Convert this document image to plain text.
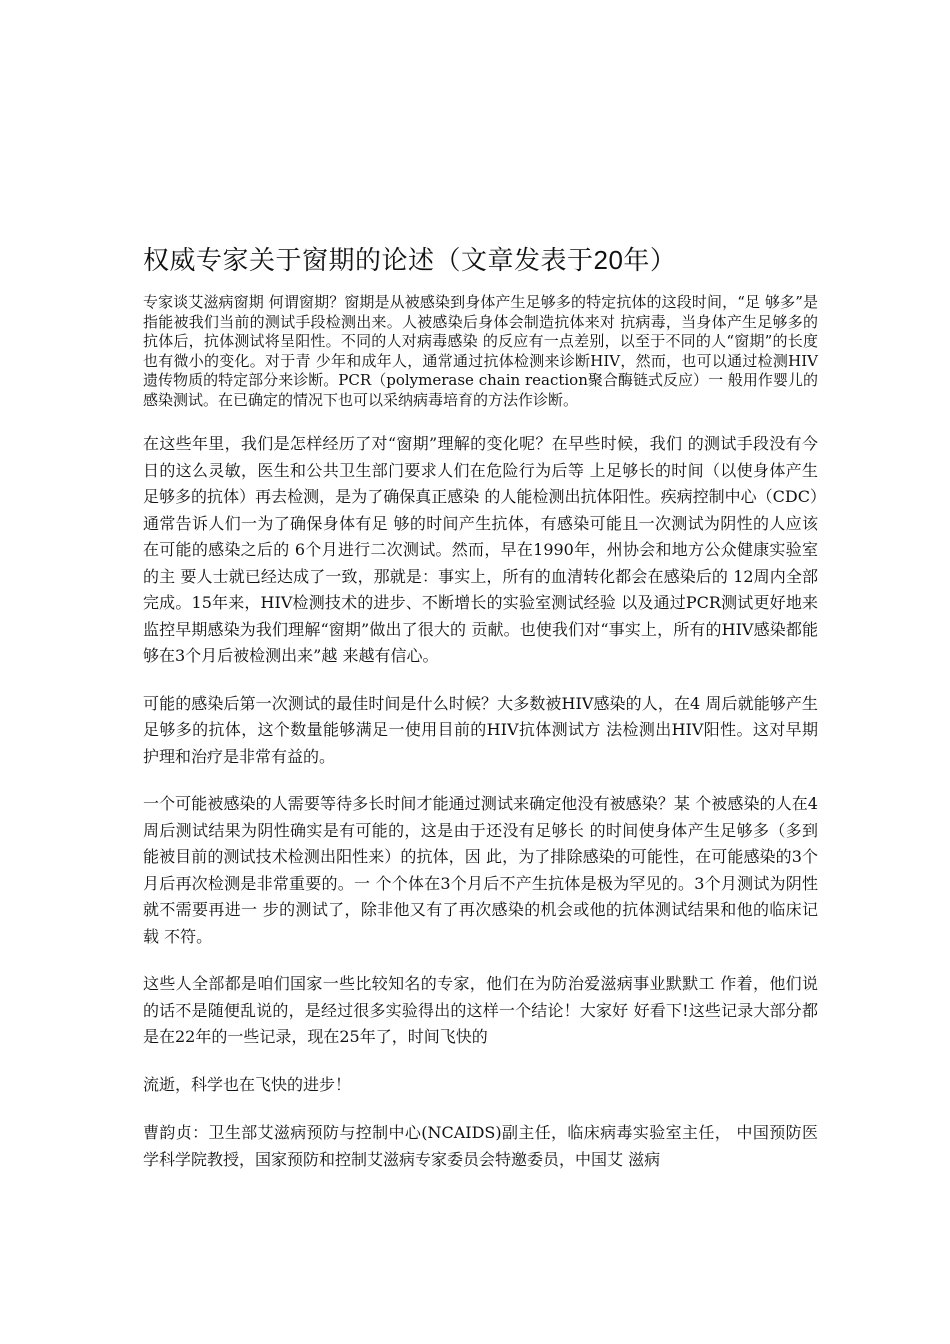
权威专家关于窗期的论述（文章发表于20年）

专家谈艾滋病窗期 何谓窗期？窗期是从被感染到身体产生足够多的特定抗体的这段时间，“足 够多”是指能被我们当前的测试手段检测出来。人被感染后身体会制造抗体来对 抗病毒，当身体产生足够多的抗体后，抗体测试将呈阳性。不同的人对病毒感染 的反应有一点差别，以至于不同的人“窗期”的长度也有微小的变化。对于青 少年和成年人，通常通过抗体检测来诊断HIV，然而，也可以通过检测HIV遗传物质的特定部分来诊断。PCR（polymerase chain reaction聚合酶链式反应）一 般用作婴儿的感染测试。在已确定的情况下也可以采纳病毒培育的方法作诊断。

在这些年里，我们是怎样经历了对“窗期”理解的变化呢？在早些时候，我们 的测试手段没有今日的这么灵敏，医生和公共卫生部门要求人们在危险行为后等 上足够长的时间（以使身体产生足够多的抗体）再去检测，是为了确保真正感染 的人能检测出抗体阳性。疾病控制中心（CDC）通常告诉人们一为了确保身体有足 够的时间产生抗体，有感染可能且一次测试为阴性的人应该在可能的感染之后的 6个月进行二次测试。然而，早在1990年，州协会和地方公众健康实验室的主 要人士就已经达成了一致，那就是：事实上，所有的血清转化都会在感染后的 12周内全部完成。15年来，HIV检测技术的进步、不断增长的实验室测试经验 以及通过PCR测试更好地来监控早期感染为我们理解“窗期”做出了很大的 贡献。也使我们对“事实上，所有的HIV感染都能够在3个月后被检测出来”越 来越有信心。

可能的感染后第一次测试的最佳时间是什么时候？大多数被HIV感染的人，在4 周后就能够产生足够多的抗体，这个数量能够满足一使用目前的HIV抗体测试方 法检测出HIV阳性。这对早期护理和治疗是非常有益的。

一个可能被感染的人需要等待多长时间才能通过测试来确定他没有被感染？某 个被感染的人在4周后测试结果为阴性确实是有可能的，这是由于还没有足够长 的时间使身体产生足够多（多到能被目前的测试技术检测出阳性来）的抗体，因 此，为了排除感染的可能性，在可能感染的3个月后再次检测是非常重要的。一 个个体在3个月后不产生抗体是极为罕见的。3个月测试为阴性就不需要再进一 步的测试了，除非他又有了再次感染的机会或他的抗体测试结果和他的临床记载 不符。

这些人全部都是咱们国家一些比较知名的专家，他们在为防治爱滋病事业默默工 作着，他们说的话不是随便乱说的，是经过很多实验得出的这样一个结论！大家好 好看下!这些记录大部分都是在22年的一些记录，现在25年了，时间飞快的

流逝，科学也在飞快的进步！

曹韵贞：卫生部艾滋病预防与控制中心(NCAIDS)副主任，临床病毒实验室主任， 中国预防医学科学院教授，国家预防和控制艾滋病专家委员会特邀委员，中国艾 滋病
